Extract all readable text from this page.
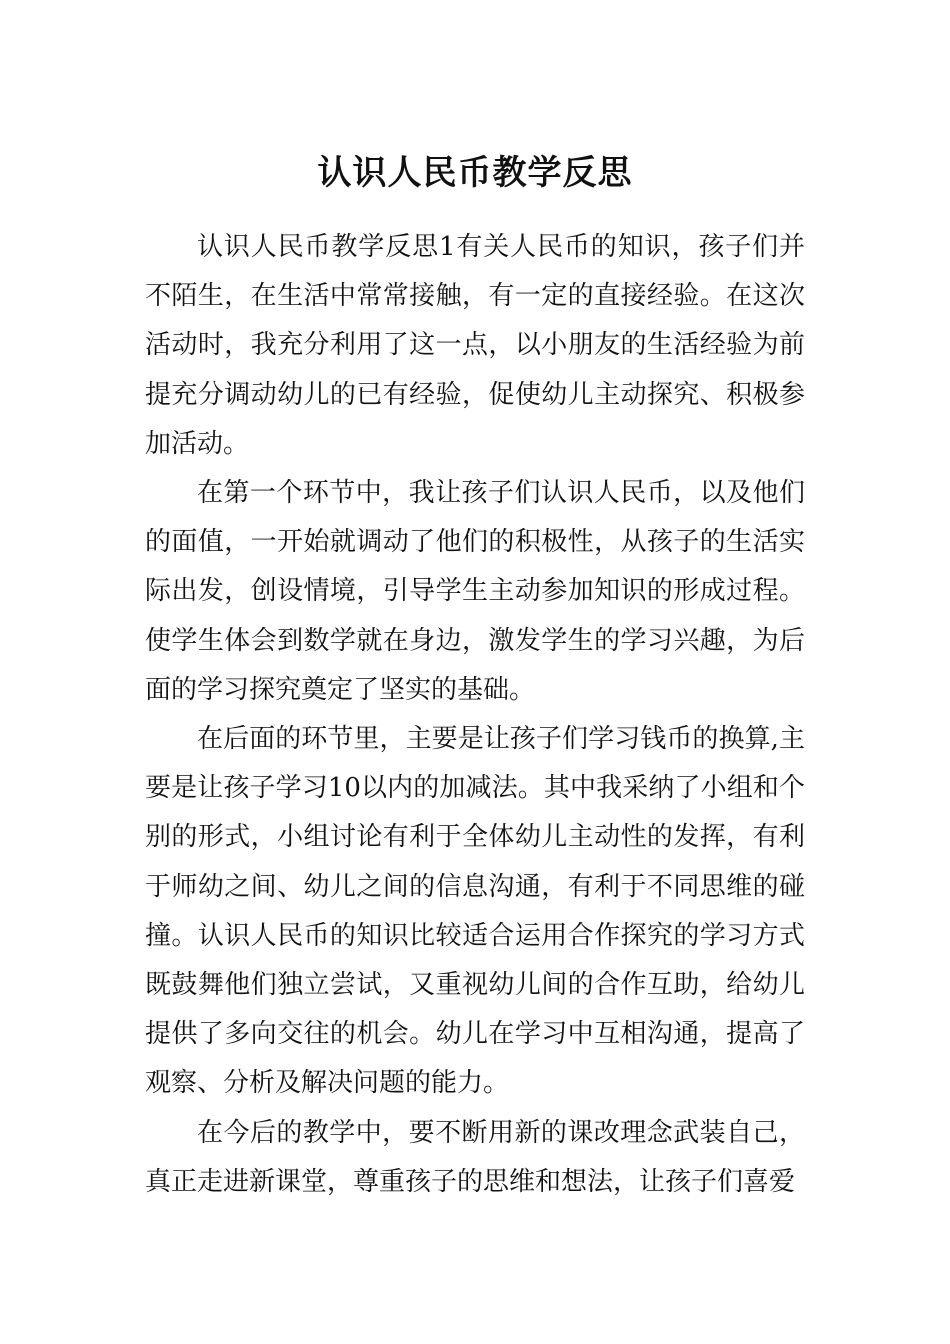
认识人民币教学反思

认识人民币教学反思1有关人民币的知识，孩子们并不陌生，在生活中常常接触，有一定的直接经验。在这次活动时，我充分利用了这一点，以小朋友的生活经验为前提充分调动幼儿的已有经验，促使幼儿主动探究、积极参加活动。

在第一个环节中，我让孩子们认识人民币，以及他们的面值，一开始就调动了他们的积极性，从孩子的生活实际出发，创设情境，引导学生主动参加知识的形成过程。使学生体会到数学就在身边，激发学生的学习兴趣，为后面的学习探究奠定了坚实的基础。

在后面的环节里，主要是让孩子们学习钱币的换算,主要是让孩子学习10以内的加减法。其中我采纳了小组和个别的形式，小组讨论有利于全体幼儿主动性的发挥，有利于师幼之间、幼儿之间的信息沟通，有利于不同思维的碰撞。认识人民币的知识比较适合运用合作探究的学习方式既鼓舞他们独立尝试，又重视幼儿间的合作互助，给幼儿提供了多向交往的机会。幼儿在学习中互相沟通，提高了观察、分析及解决问题的能力。

在今后的教学中，要不断用新的课改理念武装自己，真正走进新课堂，尊重孩子的思维和想法，让孩子们喜爱
